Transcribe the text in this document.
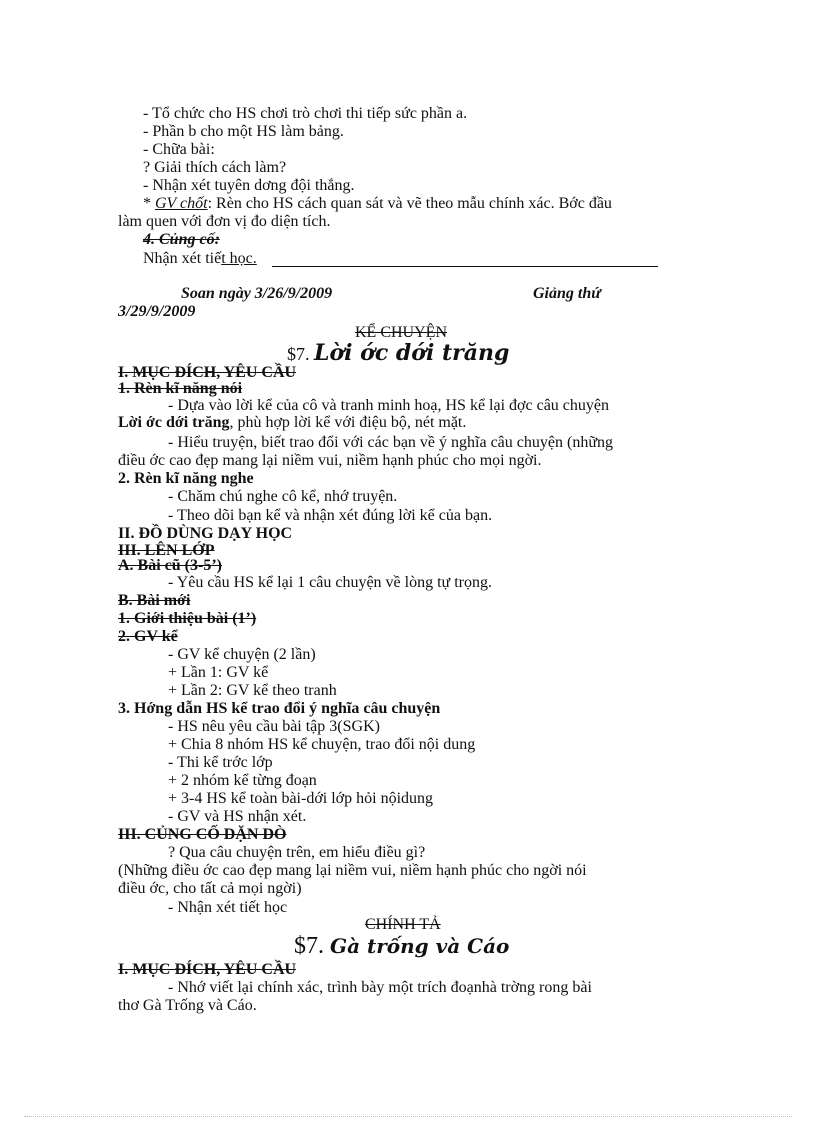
- Tổ chức cho HS chơi trò chơi thi tiếp sức phần a.
- Phần b cho một HS làm bảng.
- Chữa bài:
? Giải thích cách làm?
- Nhận xét tuyên dơng đội thắng.
* GV chốt: Rèn cho HS cách quan sát và vẽ theo mẫu chính xác. Bớc đầu
làm quen với đơn vị đo diện tích.
4. Củng cố:
Nhận xét tiết học.
Soan ngày 3/26/9/2009	Giảng thứ
3/29/9/2009
KỂ CHUYỆN
$7. Lời ớc dới trăng
I. MỤC ĐÍCH, YÊU CẦU
1. Rèn kĩ năng nói
- Dựa vào lời kể của cô và tranh minh hoạ, HS kể lại đợc câu chuyện
Lời ớc dới trăng, phù hợp lời kể với điệu bộ, nét mặt.
- Hiểu truyện, biết trao đổi với các bạn về ý nghĩa câu chuyện (những
điều ớc cao đẹp mang lại niềm vui, niềm hạnh phúc cho mọi ngời.
2. Rèn kĩ năng nghe
- Chăm chú nghe cô kể, nhớ truyện.
- Theo dõi bạn kể và nhận xét đúng lời kể của bạn.
II. ĐỒ DÙNG DẠY HỌC
III. LÊN LỚP
A. Bài cũ (3-5’)
- Yêu cầu HS kể lại 1 câu chuyện về lòng tự trọng.
B. Bài mới
1. Giới thiệu bài (1’)
2. GV kể
- GV kể chuyện (2 lần)
+ Lần 1: GV kể
+ Lần 2: GV kể theo tranh
3. Hớng dẫn HS kể trao đổi ý nghĩa câu chuyện
- HS nêu yêu cầu bài tập 3(SGK)
+ Chia 8 nhóm HS kể chuyện, trao đổi nội dung
- Thi kể trớc lớp
+ 2 nhóm kể từng đoạn
+ 3-4 HS kể toàn bài-dới lớp hỏi nộidung
- GV và HS nhận xét.
III. CỦNG CỐ DẶN DÒ
? Qua câu chuyện trên, em hiểu điều gì?
(Những điều ớc cao đẹp mang lại niềm vui, niềm hạnh phúc cho ngời nói
điều ớc, cho tất cả mọi ngời)
- Nhận xét tiết học
CHÍNH TẢ
$7. Gà trống và Cáo
I. MỤC ĐÍCH, YÊU CẦU
- Nhớ viết lại chính xác, trình bày một trích đoạnhà trờng rong bài
thơ Gà Trống và Cáo.
